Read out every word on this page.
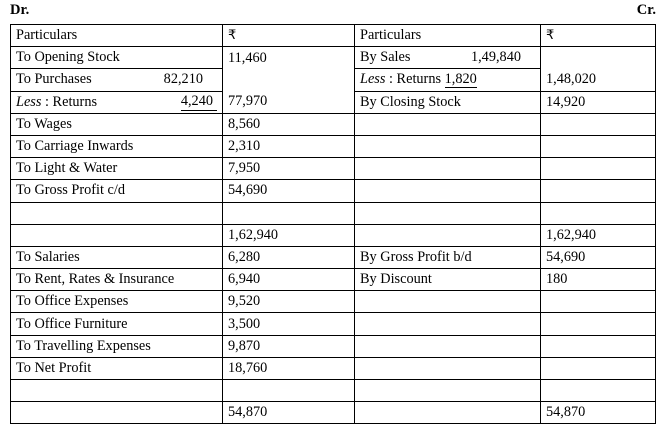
Dr.	Cr.
Particulars	₹	Particulars	₹
To Opening Stock	11,460	By Sales 1,49,840	

To Purchases 82,210		Less : Returns 1,820	1,48,020

Less : Returns 4,240	77,970	By Closing Stock	14,920
To Wages	8,560		
To Carriage Inwards	2,310		
To Light & Water	7,950		
To Gross Profit c/d	54,690		

	1,62,940		1,62,940
To Salaries	6,280	By Gross Profit b/d	54,690
To Rent, Rates & Insurance	6,940	By Discount	180
To Office Expenses	9,520		
To Office Furniture	3,500		
To Travelling Expenses	9,870		
To Net Profit	18,760		

	54,870		54,870
